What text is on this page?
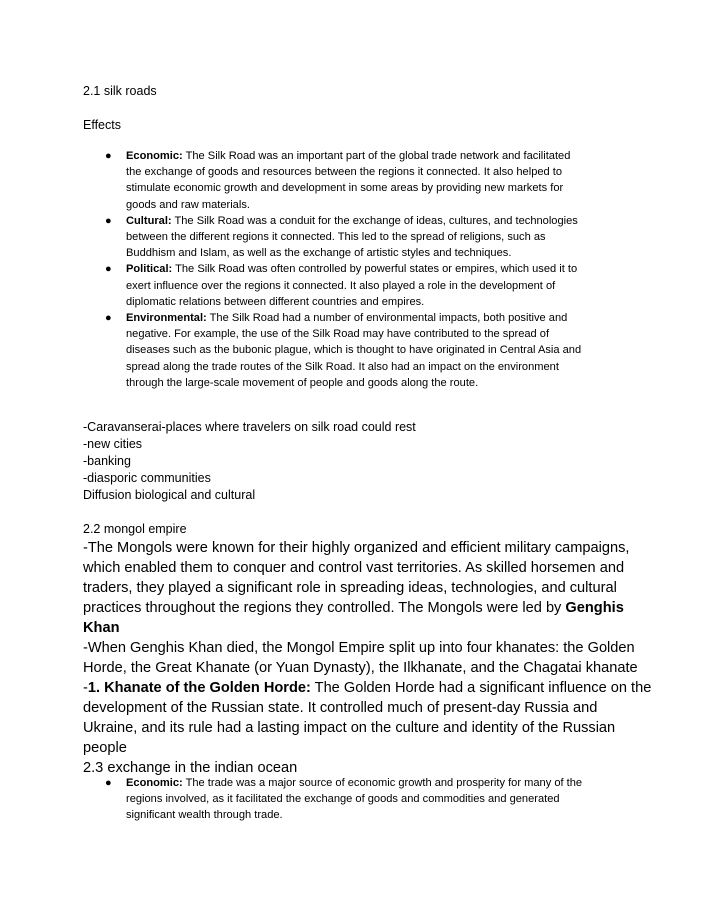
2.1 silk roads
Effects
● Economic: The Silk Road was an important part of the global trade network and facilitated
the exchange of goods and resources between the regions it connected. It also helped to
stimulate economic growth and development in some areas by providing new markets for
goods and raw materials.
● Cultural: The Silk Road was a conduit for the exchange of ideas, cultures, and technologies
between the different regions it connected. This led to the spread of religions, such as
Buddhism and Islam, as well as the exchange of artistic styles and techniques.
● Political: The Silk Road was often controlled by powerful states or empires, which used it to
exert influence over the regions it connected. It also played a role in the development of
diplomatic relations between different countries and empires.
● Environmental: The Silk Road had a number of environmental impacts, both positive and
negative. For example, the use of the Silk Road may have contributed to the spread of
diseases such as the bubonic plague, which is thought to have originated in Central Asia and
spread along the trade routes of the Silk Road. It also had an impact on the environment
through the large-scale movement of people and goods along the route.
-Caravanserai-places where travelers on silk road could rest
-new cities
-banking
-diasporic communities
Diffusion biological and cultural
2.2 mongol empire
-The Mongols were known for their highly organized and efficient military campaigns,
which enabled them to conquer and control vast territories. As skilled horsemen and
traders, they played a significant role in spreading ideas, technologies, and cultural
practices throughout the regions they controlled. The Mongols were led by Genghis
Khan
-When Genghis Khan died, the Mongol Empire split up into four khanates: the Golden
Horde, the Great Khanate (or Yuan Dynasty), the Ilkhanate, and the Chagatai khanate
-1. Khanate of the Golden Horde: The Golden Horde had a significant influence on the
development of the Russian state. It controlled much of present-day Russia and
Ukraine, and its rule had a lasting impact on the culture and identity of the Russian
people
2.3 exchange in the indian ocean
● Economic: The trade was a major source of economic growth and prosperity for many of the
regions involved, as it facilitated the exchange of goods and commodities and generated
significant wealth through trade.
